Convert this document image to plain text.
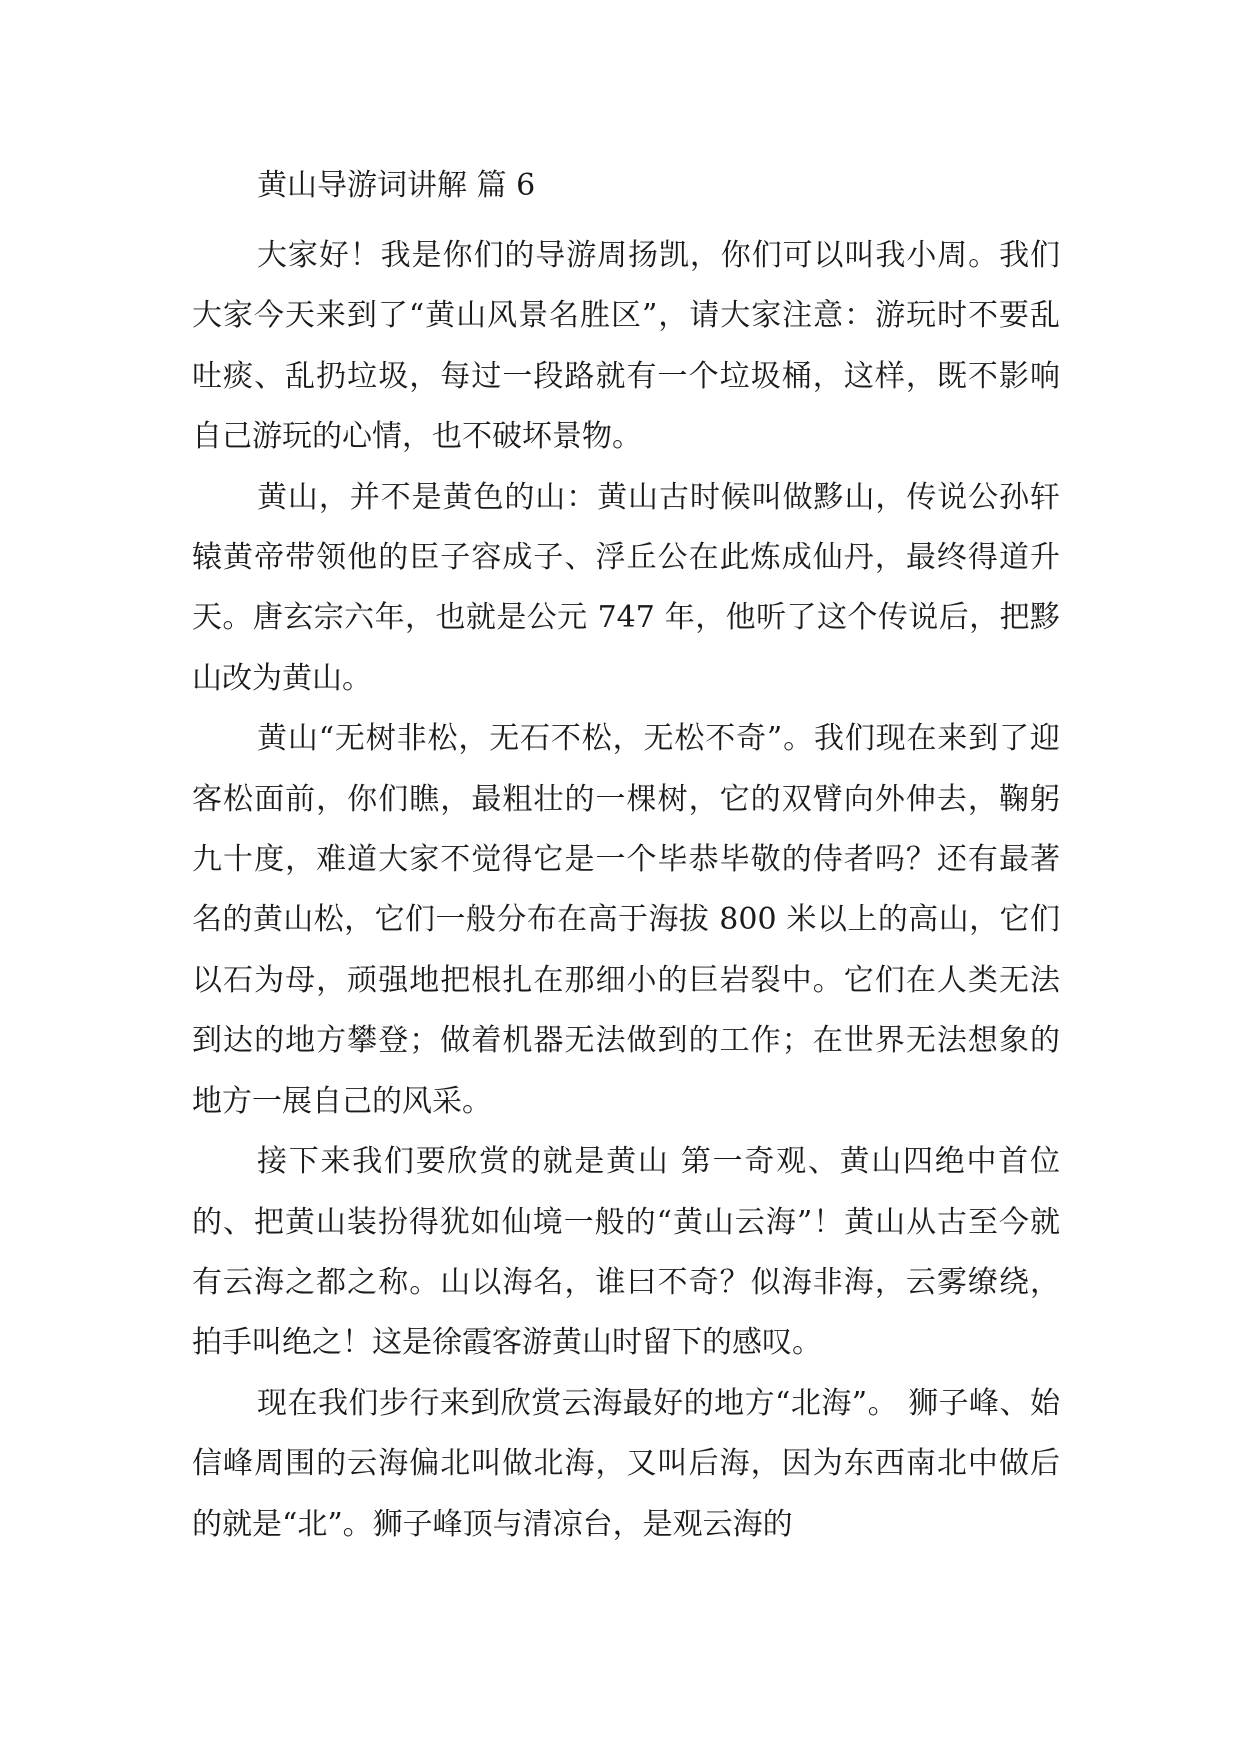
黄山导游词讲解 篇 6

大家好！我是你们的导游周扬凯，你们可以叫我小周。我们大家今天来到了“黄山风景名胜区”，请大家注意：游玩时不要乱吐痰、乱扔垃圾，每过一段路就有一个垃圾桶，这样，既不影响自己游玩的心情，也不破坏景物。

黄山，并不是黄色的山：黄山古时候叫做黟山，传说公孙轩辕黄帝带领他的臣子容成子、浮丘公在此炼成仙丹，最终得道升天。唐玄宗六年，也就是公元 747 年，他听了这个传说后，把黟山改为黄山。

黄山“无树非松，无石不松，无松不奇”。我们现在来到了迎客松面前，你们瞧，最粗壮的一棵树，它的双臂向外伸去，鞠躬九十度，难道大家不觉得它是一个毕恭毕敬的侍者吗？还有最著名的黄山松，它们一般分布在高于海拔 800 米以上的高山，它们以石为母，顽强地把根扎在那细小的巨岩裂中。它们在人类无法到达的地方攀登；做着机器无法做到的工作；在世界无法想象的地方一展自己的风采。

接下来我们要欣赏的就是黄山 第一奇观、黄山四绝中首位的、把黄山装扮得犹如仙境一般的“黄山云海”！黄山从古至今就有云海之都之称。山以海名，谁曰不奇？似海非海，云雾缭绕，拍手叫绝之！这是徐霞客游黄山时留下的感叹。

现在我们步行来到欣赏云海最好的地方“北海”。 狮子峰、始信峰周围的云海偏北叫做北海，又叫后海，因为东西南北中做后的就是“北”。狮子峰顶与清凉台，是观云海的
